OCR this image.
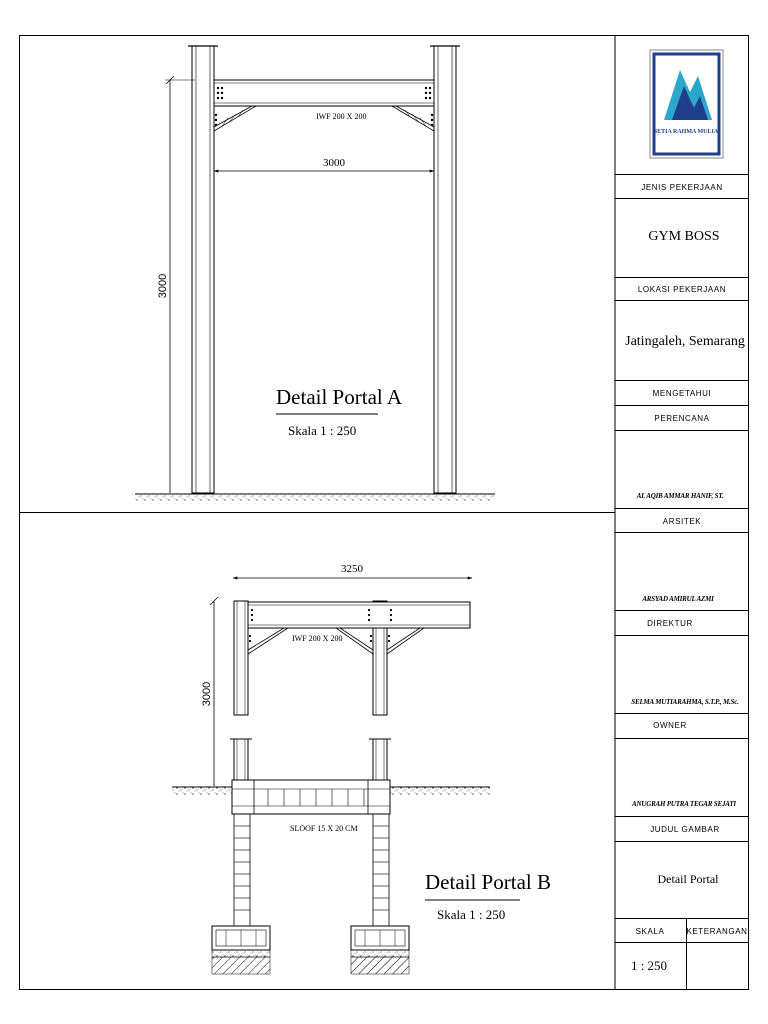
IWF 200 X 200
3000
3000
Detail Portal A
Skala 1 : 250
3250
IWF 200 X 200
3000
SLOOF 15 X 20 CM
Detail Portal B
Skala 1 : 250
SR
SETIA RAHMA MULIA
JENIS PEKERJAAN
GYM BOSS
LOKASI PEKERJAAN
Jatingaleh, Semarang
MENGETAHUI
PERENCANA
AL AQIB AMMAR HANIF, ST.
ARSITEK
ARSYAD AMIRUL AZMI
DIREKTUR
SELMA MUTIARAHMA, S.T.P., M.Sc.
OWNER
ANUGRAH PUTRA TEGAR SEJATI
JUDUL GAMBAR
Detail Portal
SKALA	KETERANGAN
1 : 250
